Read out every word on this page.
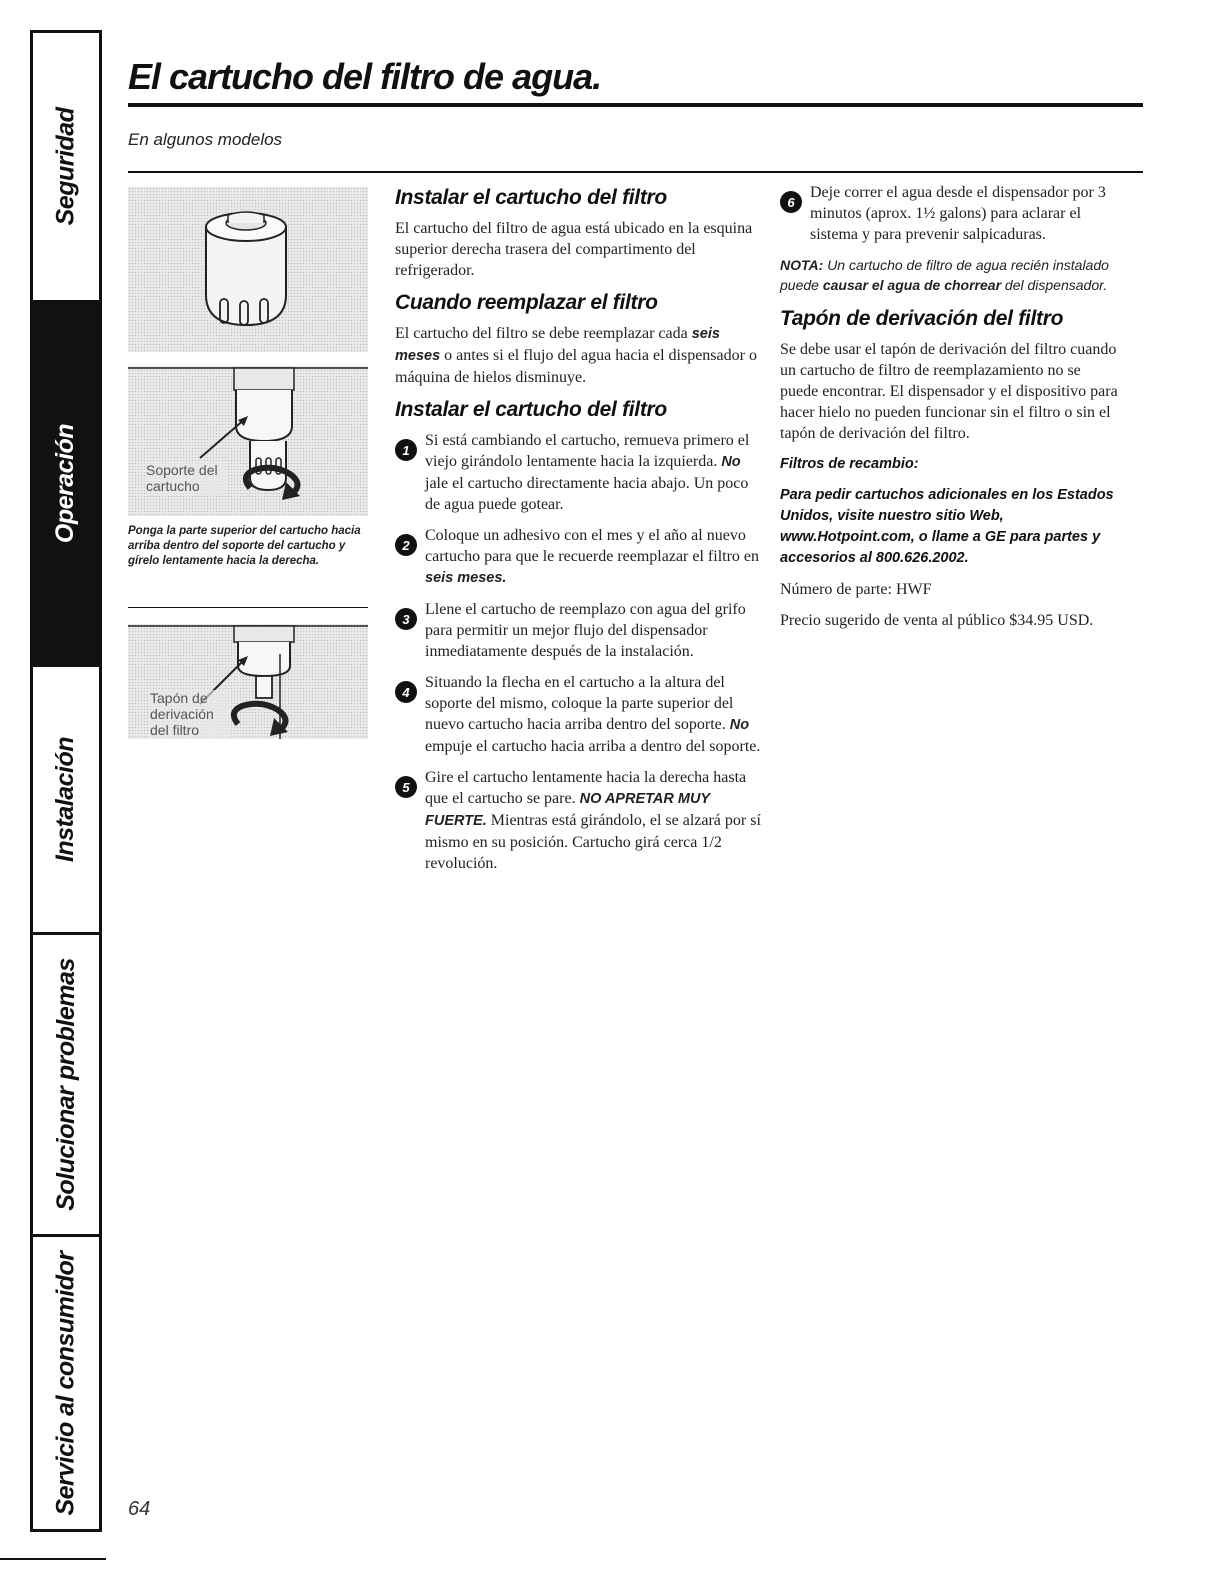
Seguridad
Operación
Instalación
Solucionar problemas
Servicio al consumidor
El cartucho del filtro de agua.
En algunos modelos
Soporte del cartucho
Ponga la parte superior del cartucho hacia arriba dentro del soporte del cartucho y gírelo lentamente hacia la derecha.
Tapón de derivación del filtro
Instalar el cartucho del filtro

El cartucho del filtro de agua está ubicado en la esquina superior derecha trasera del compartimento del refrigerador.

Cuando reemplazar el filtro

El cartucho del filtro se debe reemplazar cada seis meses o antes si el flujo del agua hacia el dispensador o máquina de hielos disminuye.

Instalar el cartucho del filtro
1
Si está cambiando el cartucho, remueva primero el viejo girándolo lentamente hacia la izquierda. No jale el cartucho directamente hacia abajo. Un poco de agua puede gotear.
2
Coloque un adhesivo con el mes y el año al nuevo cartucho para que le recuerde reemplazar el filtro en seis meses.
3
Llene el cartucho de reemplazo con agua del grifo para permitir un mejor flujo del dispensador inmediatamente después de la instalación.
4
Situando la flecha en el cartucho a la altura del soporte del mismo, coloque la parte superior del nuevo cartucho hacia arriba dentro del soporte. No empuje el cartucho hacia arriba a dentro del soporte.
5
Gire el cartucho lentamente hacia la derecha hasta que el cartucho se pare. NO APRETAR MUY FUERTE. Mientras está girándolo, el se alzará por sí mismo en su posición. Cartucho girá cerca 1/2 revolución.
6
Deje correr el agua desde el dispensador por 3 minutos (aprox. 1½ galons) para aclarar el sistema y para prevenir salpicaduras.

NOTA: Un cartucho de filtro de agua recién instalado puede causar el agua de chorrear del dispensador.

Tapón de derivación del filtro

Se debe usar el tapón de derivación del filtro cuando un cartucho de filtro de reemplazamiento no se puede encontrar. El dispensador y el dispositivo para hacer hielo no pueden funcionar sin el filtro o sin el tapón de derivación del filtro.

Filtros de recambio:
Para pedir cartuchos adicionales en los Estados Unidos, visite nuestro sitio Web, www.Hotpoint.com, o llame a GE para partes y accesorios al 800.626.2002.

Número de parte: HWF

Precio sugerido de venta al público $34.95 USD.

64
